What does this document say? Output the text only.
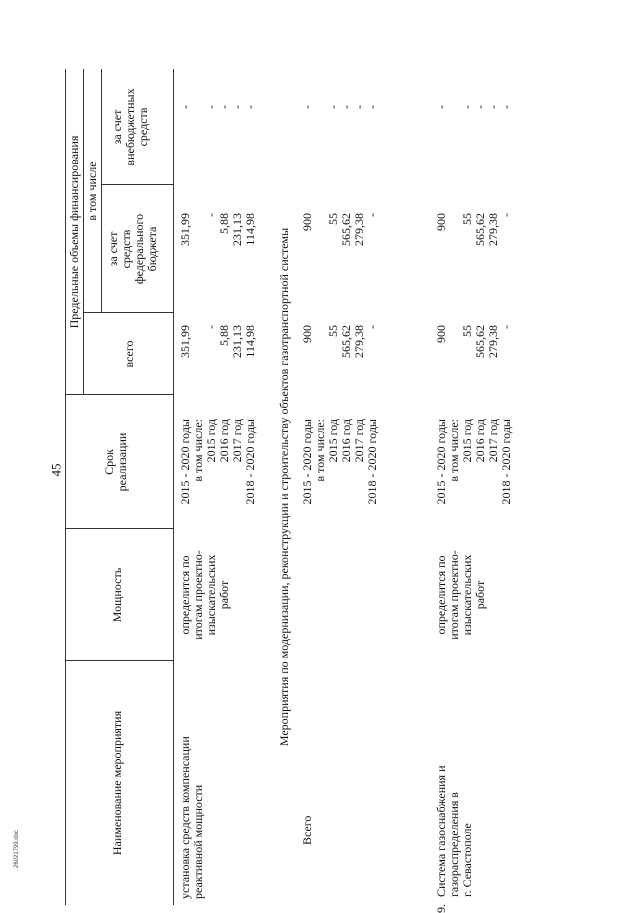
45
26021799.doc	Наименование мероприятия
Мощность
Срок
реализации
Предельные объемы финансирования
всего
в том числе
за счет
средств
федерального
бюджета
за счет
внебюджетных
средств
установка средств компенсации
реактивной мощности
определится по
итогам проектно-
изыскательских
работ
2015 - 2020 годы
в том числе:
2015 год
2016 год
2017 год
2018 - 2020 годы
351,99

-
5,88
231,13
114,98
351,99

-
5,88
231,13
114,98
-

-
-
-
-
Мероприятия по модернизации, реконструкции и строительству объектов газотранспортной системы
Всего
2015 - 2020 годы
в том числе:
2015 год
2016 год
2017 год
2018 - 2020 годы
900

55
565,62
279,38
-
900

55
565,62
279,38
-
-

-
-
-
-
9.
Система газоснабжения и
газораспределения в
г. Севастополе
определится по
итогам проектно-
изыскательских
работ
2015 - 2020 годы
в том числе:
2015 год
2016 год
2017 год
2018 - 2020 годы
900

55
565,62
279,38
-
900

55
565,62
279,38
-
-

-
-
-
-
